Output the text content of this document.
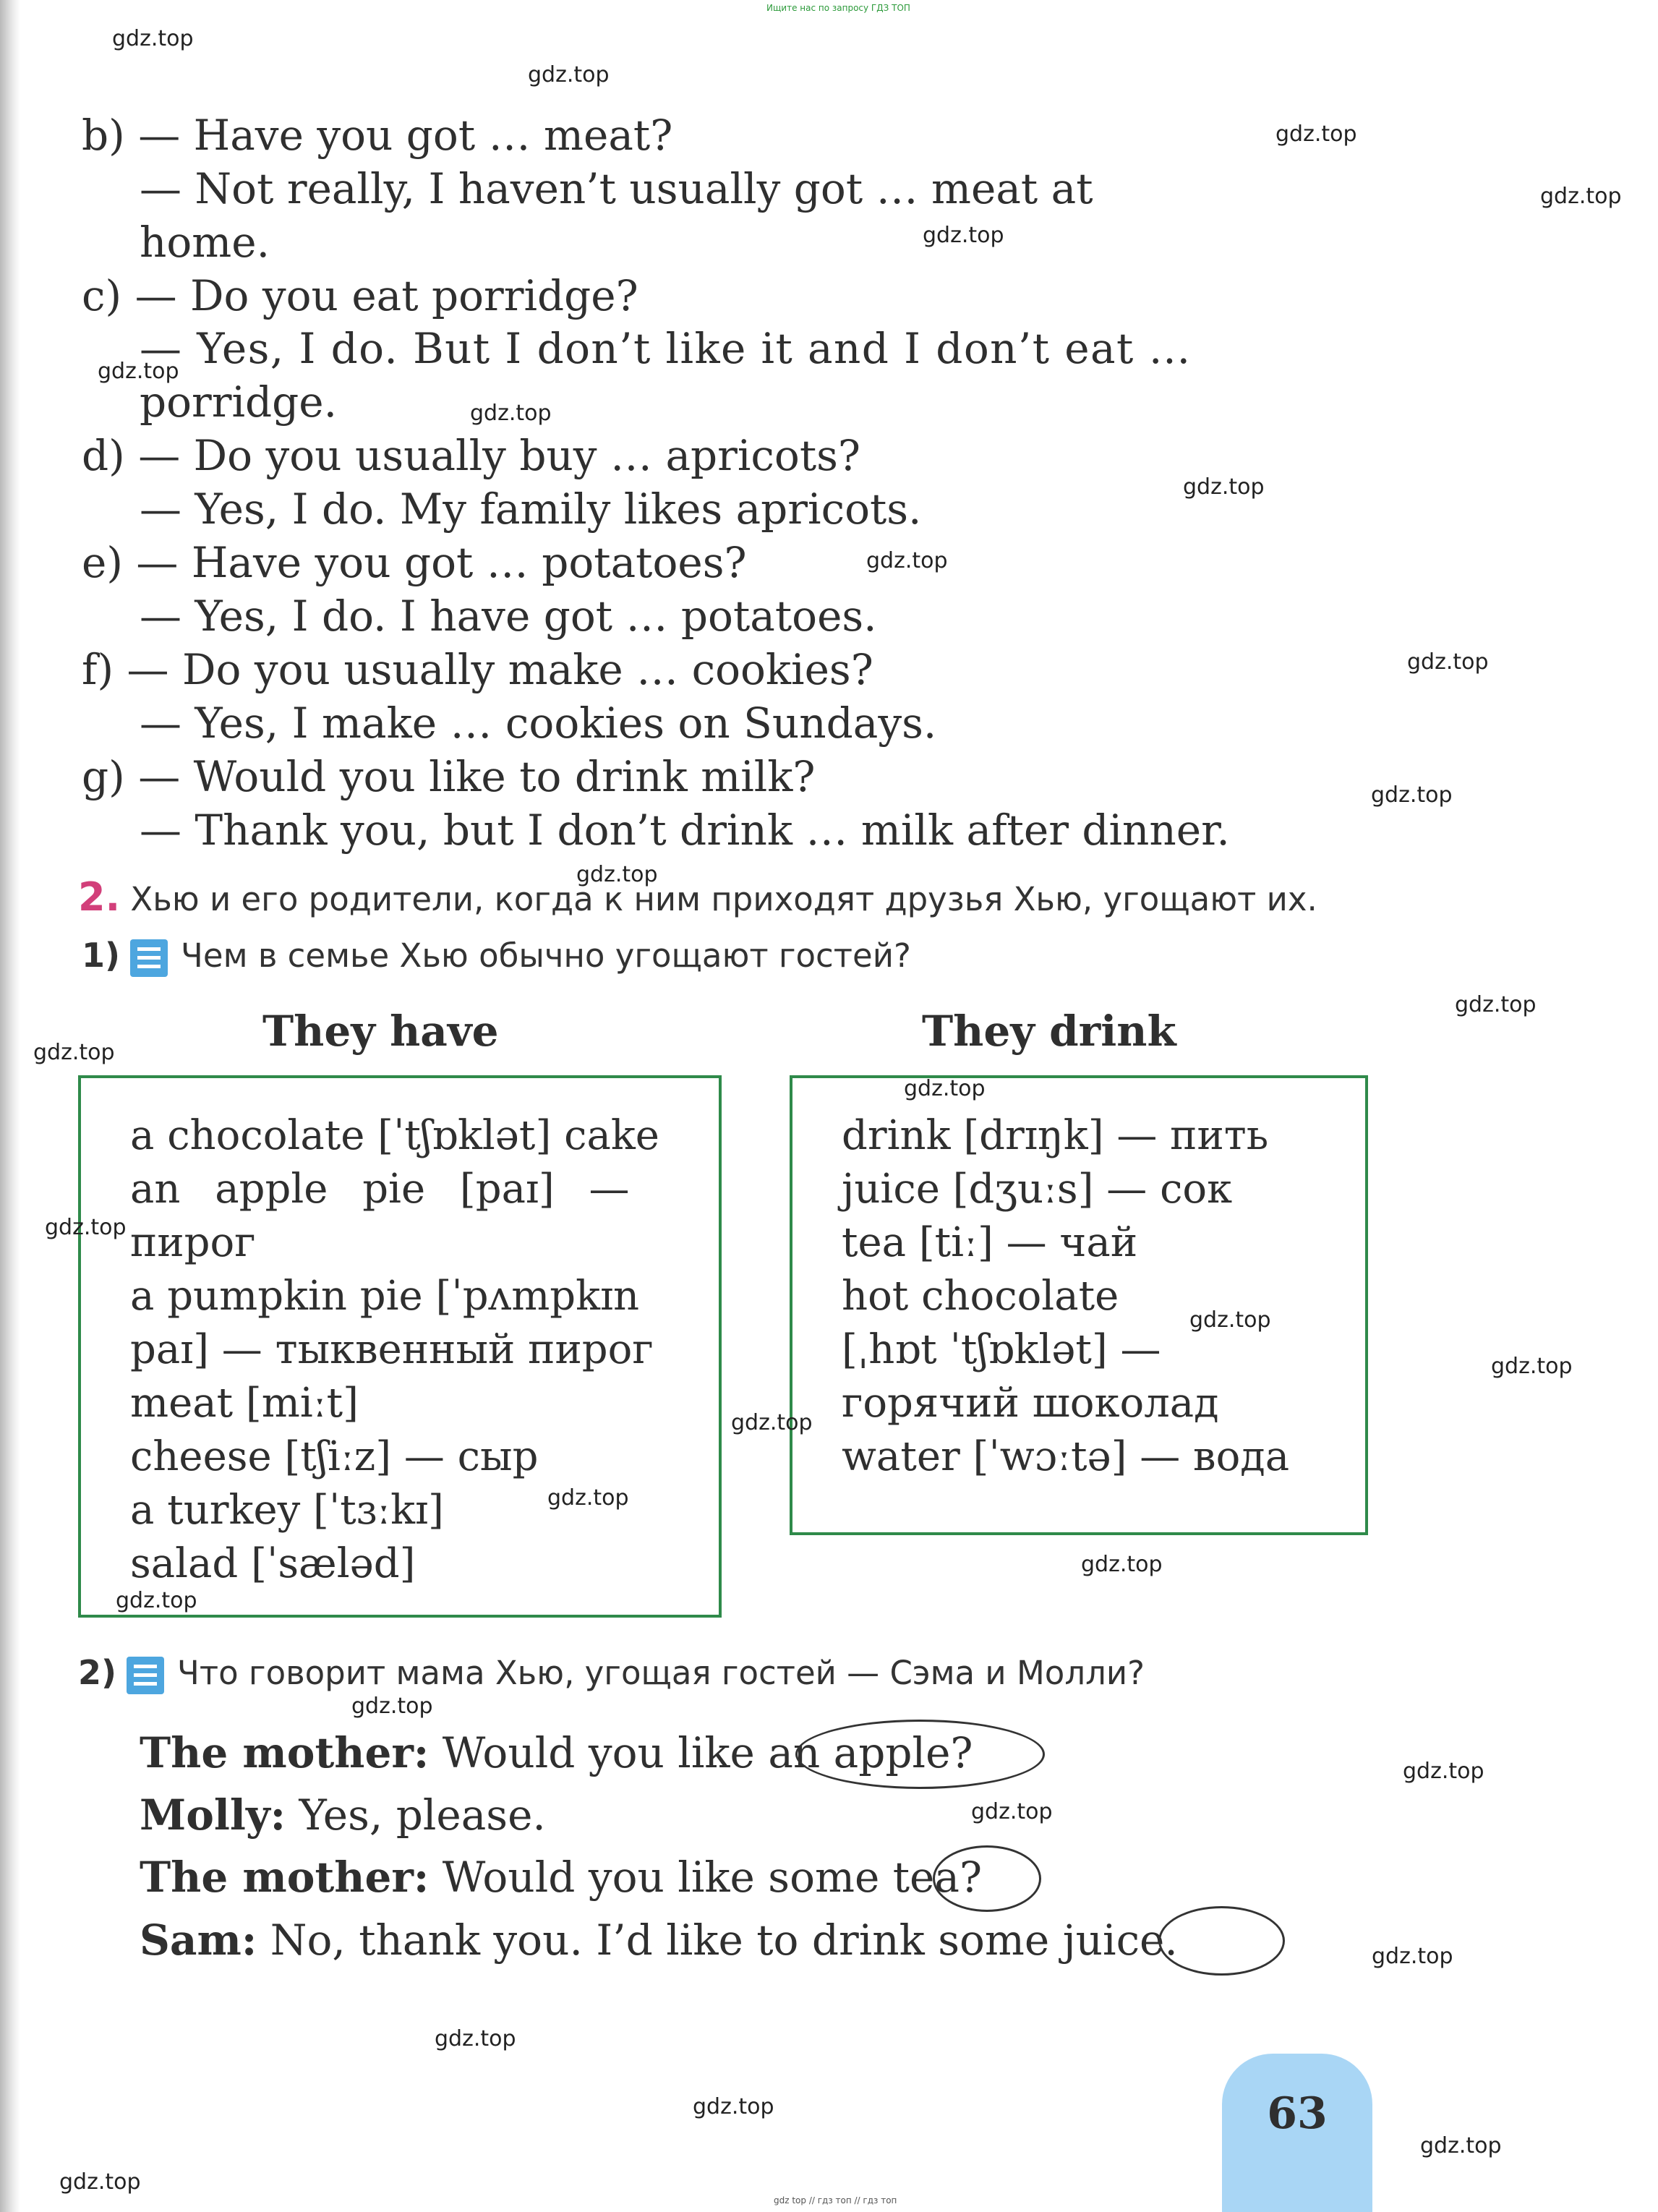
Ищите нас по запросу ГДЗ ТОП
gdz top // гдз топ // гдз топ
b) — Have you got … meat?
— Not really, I haven’t usually got … meat at
home.
c) — Do you eat porridge?
— Yes, I do. But I don’t like it and I don’t eat …
porridge.
d) — Do you usually buy … apricots?
— Yes, I do. My family likes apricots.
e) — Have you got … potatoes?
— Yes, I do. I have got … potatoes.
f) — Do you usually make … cookies?
— Yes, I make … cookies on Sundays.
g) — Would you like to drink milk?
— Thank you, but I don’t drink … milk after dinner.
2. Хью и его родители, когда к ним приходят друзья Хью, угощают их.
1) Чем в семье Хью обычно угощают гостей?
They have	They drink
a chocolate [ˈtʃɒklət] cake
an apple pie [paɪ] —
пирог
a pumpkin pie [ˈpʌmpkɪn
paɪ] — тыквенный пирог
meat [miːt]
cheese [tʃiːz] — сыр
a turkey [ˈtɜːkɪ]
salad [ˈsæləd]
drink [drɪŋk] — пить
juice [dʒuːs] — сок
tea [tiː] — чай
hot chocolate
[ˌhɒt ˈtʃɒklət] —
горячий шоколад
water [ˈwɔːtə] — вода
2) Что говорит мама Хью, угощая гостей — Сэма и Молли?
The mother: Would you like an apple?
Molly: Yes, please.
The mother: Would you like some tea?
Sam: No, thank you. I’d like to drink some juice.
63
gdz.top
gdz.top
gdz.top
gdz.top
gdz.top
gdz.top
gdz.top
gdz.top
gdz.top
gdz.top
gdz.top
gdz.top
gdz.top
gdz.top
gdz.top
gdz.top
gdz.top
gdz.top
gdz.top
gdz.top
gdz.top
gdz.top
gdz.top
gdz.top
gdz.top
gdz.top
gdz.top
gdz.top
gdz.top
gdz.top
